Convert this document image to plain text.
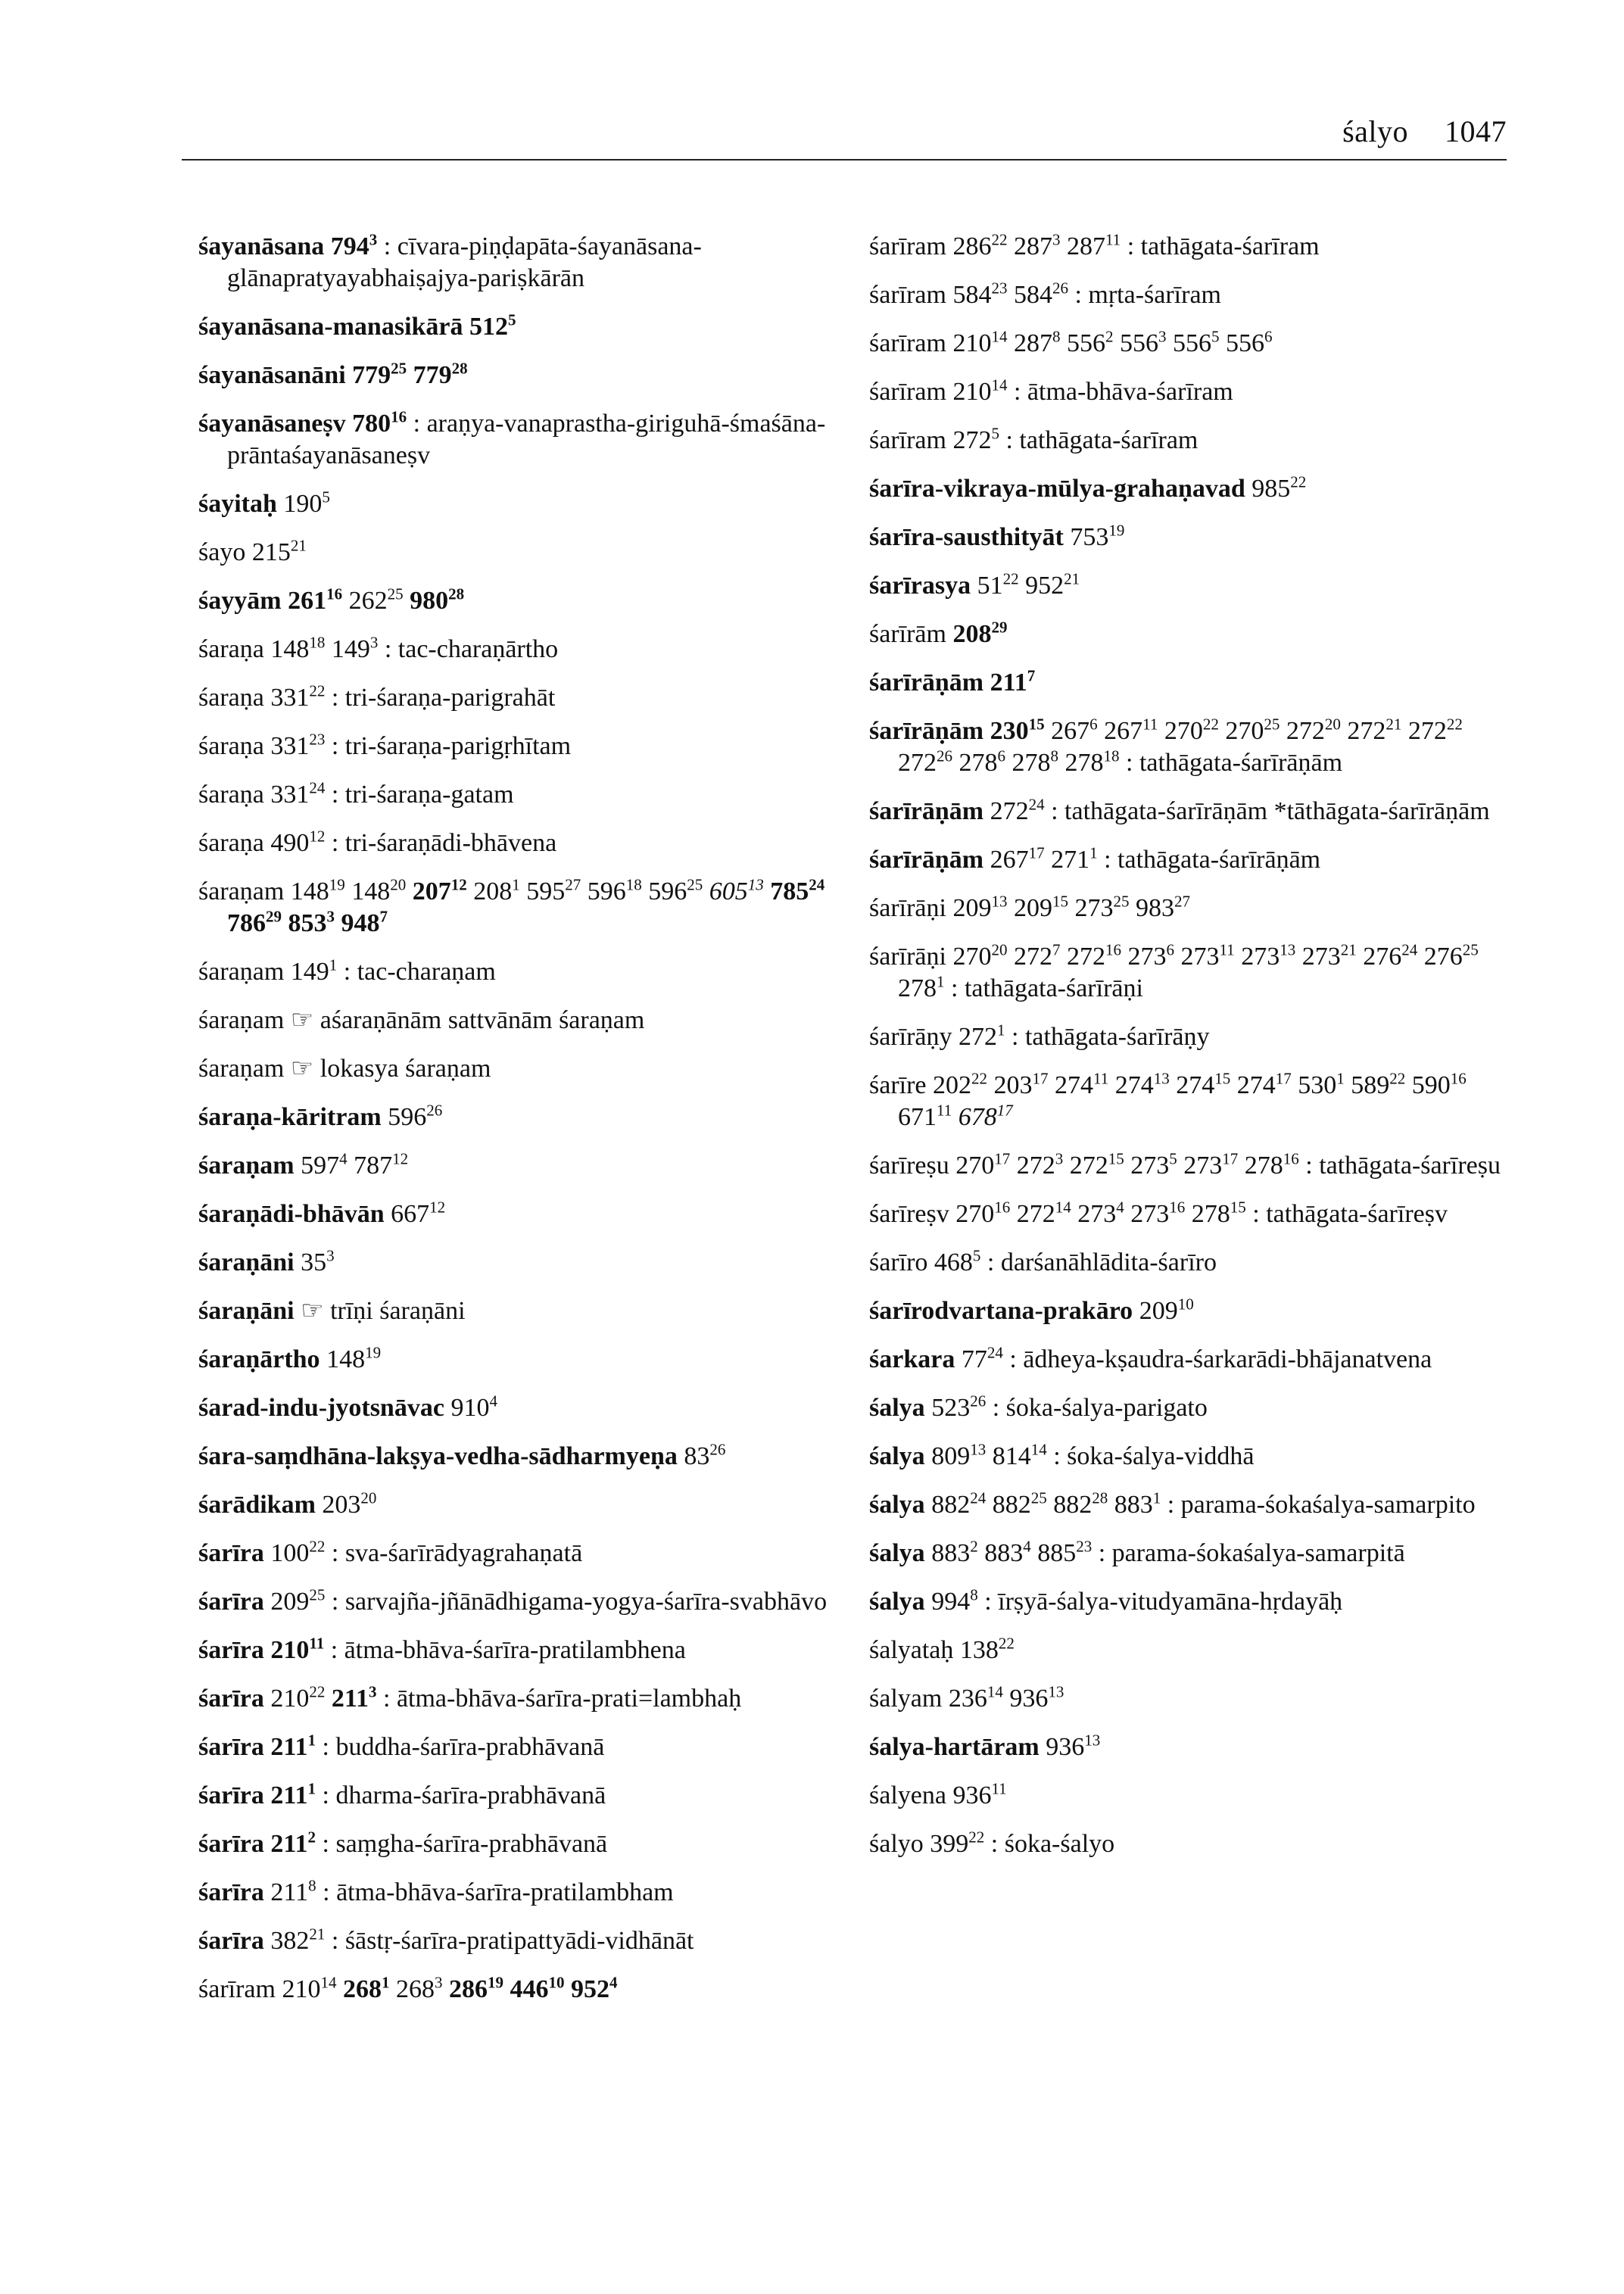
śalyo 1047
śayanāsana $794^3$ : cīvara-piṇḍapāta-śayanāsana-glānapratyayabhaiṣajya-pariṣkārān
śayanāsana-manasikārā $512^5$
śayanāsanāni $779^{25}$ $779^{28}$
śayanāsaneṣv $780^{16}$ : araṇya-vanaprastha-giriguhā-śmaśāna-prāntaśayanāsaneṣv
śayitaḥ $190^5$
śayo $215^{21}$
śayyām $261^{16}$ $262^{25}$ $980^{28}$
śaraṇa $148^{18}$ $149^3$ : tac-charaṇārtho
śaraṇa $331^{22}$ : tri-śaraṇa-parigrahāt
śaraṇa $331^{23}$ : tri-śaraṇa-parigṛhītam
śaraṇa $331^{24}$ : tri-śaraṇa-gatam
śaraṇa $490^{12}$ : tri-śaraṇādi-bhāvena
śaraṇam $148^{19}$ $148^{20}$ $207^{12}$ $208^1$ $595^{27}$ $596^{18}$ $596^{25}$ $605^{13}$ $785^{24}$ $786^{29}$ $853^3$ $948^7$
śaraṇam $149^1$ : tac-charaṇam
śaraṇam ☞ aśaraṇānām sattvānām śaraṇam
śaraṇam ☞ lokasya śaraṇam
śaraṇa-kāritram $596^{26}$
śaraṇam $597^4$ $787^{12}$
śaraṇādi-bhāvān $667^{12}$
śaraṇāni $35^3$
śaraṇāni ☞ trīṇi śaraṇāni
śaraṇārtho $148^{19}$
śarad-indu-jyotsnāvac $910^4$
śara-saṃdhāna-lakṣya-vedha-sādharmyeṇa $83^{26}$
śarādikam $203^{20}$
śarīra $100^{22}$ : sva-śarīrādyagrahaṇatā
śarīra $209^{25}$ : sarvajña-jñānādhigama-yogya-śarīra-svabhāvo
śarīra $210^{11}$ : ātma-bhāva-śarīra-pratilambhena
śarīra $210^{22}$ $211^3$ : ātma-bhāva-śarīra-prati=lambhaḥ
śarīra $211^1$ : buddha-śarīra-prabhāvanā
śarīra $211^1$ : dharma-śarīra-prabhāvanā
śarīra $211^2$ : saṃgha-śarīra-prabhāvanā
śarīra $211^8$ : ātma-bhāva-śarīra-pratilambham
śarīra $382^{21}$ : śāstṛ-śarīra-pratipattyādi-vidhānāt
śarīram $210^{14}$ $268^1$ $268^3$ $286^{19}$ $446^{10}$ $952^4$
śarīram $286^{22}$ $287^3$ $287^{11}$ : tathāgata-śarīram
śarīram $584^{23}$ $584^{26}$ : mṛta-śarīram
śarīram $210^{14}$ $287^8$ $556^2$ $556^3$ $556^5$ $556^6$
śarīram $210^{14}$ : ātma-bhāva-śarīram
śarīram $272^5$ : tathāgata-śarīram
śarīra-vikraya-mūlya-grahaṇavad $985^{22}$
śarīra-sausthityāt $753^{19}$
śarīrasya $51^{22}$ $952^{21}$
śarīrām $208^{29}$
śarīrāṇām $211^7$
śarīrāṇām $230^{15}$ $267^6$ $267^{11}$ $270^{22}$ $270^{25}$ $272^{20}$ $272^{21}$ $272^{22}$ $272^{26}$ $278^6$ $278^8$ $278^{18}$ : tathāgata-śarīrāṇām
śarīrāṇām $272^{24}$ : tathāgata-śarīrāṇām *tāthāgata-śarīrāṇām
śarīrāṇām $267^{17}$ $271^1$ : tathāgata-śarīrāṇām
śarīrāṇi $209^{13}$ $209^{15}$ $273^{25}$ $983^{27}$
śarīrāṇi $270^{20}$ $272^7$ $272^{16}$ $273^6$ $273^{11}$ $273^{13}$ $273^{21}$ $276^{24}$ $276^{25}$ $278^1$ : tathāgata-śarīrāṇi
śarīrāṇy $272^1$ : tathāgata-śarīrāṇy
śarīre $202^{22}$ $203^{17}$ $274^{11}$ $274^{13}$ $274^{15}$ $274^{17}$ $530^1$ $589^{22}$ $590^{16}$ $671^{11}$ $678^{17}$
śarīreṣu $270^{17}$ $272^3$ $272^{15}$ $273^5$ $273^{17}$ $278^{16}$ : tathāgata-śarīreṣu
śarīreṣv $270^{16}$ $272^{14}$ $273^4$ $273^{16}$ $278^{15}$ : tathāgata-śarīreṣv
śarīro $468^5$ : darśanāhlādita-śarīro
śarīrodvartana-prakāro $209^{10}$
śarkara $77^{24}$ : ādheya-kṣaudra-śarkarādi-bhājanatvena
śalya $523^{26}$ : śoka-śalya-parigato
śalya $809^{13}$ $814^{14}$ : śoka-śalya-viddhā
śalya $882^{24}$ $882^{25}$ $882^{28}$ $883^1$ : parama-śokaśalya-samarpito
śalya $883^2$ $883^4$ $885^{23}$ : parama-śokaśalya-samarpitā
śalya $994^8$ : īrṣyā-śalya-vitudyamāna-hṛdayāḥ
śalyataḥ $138^{22}$
śalyam $236^{14}$ $936^{13}$
śalya-hartāram $936^{13}$
śalyena $936^{11}$
śalyo $399^{22}$ : śoka-śalyo
